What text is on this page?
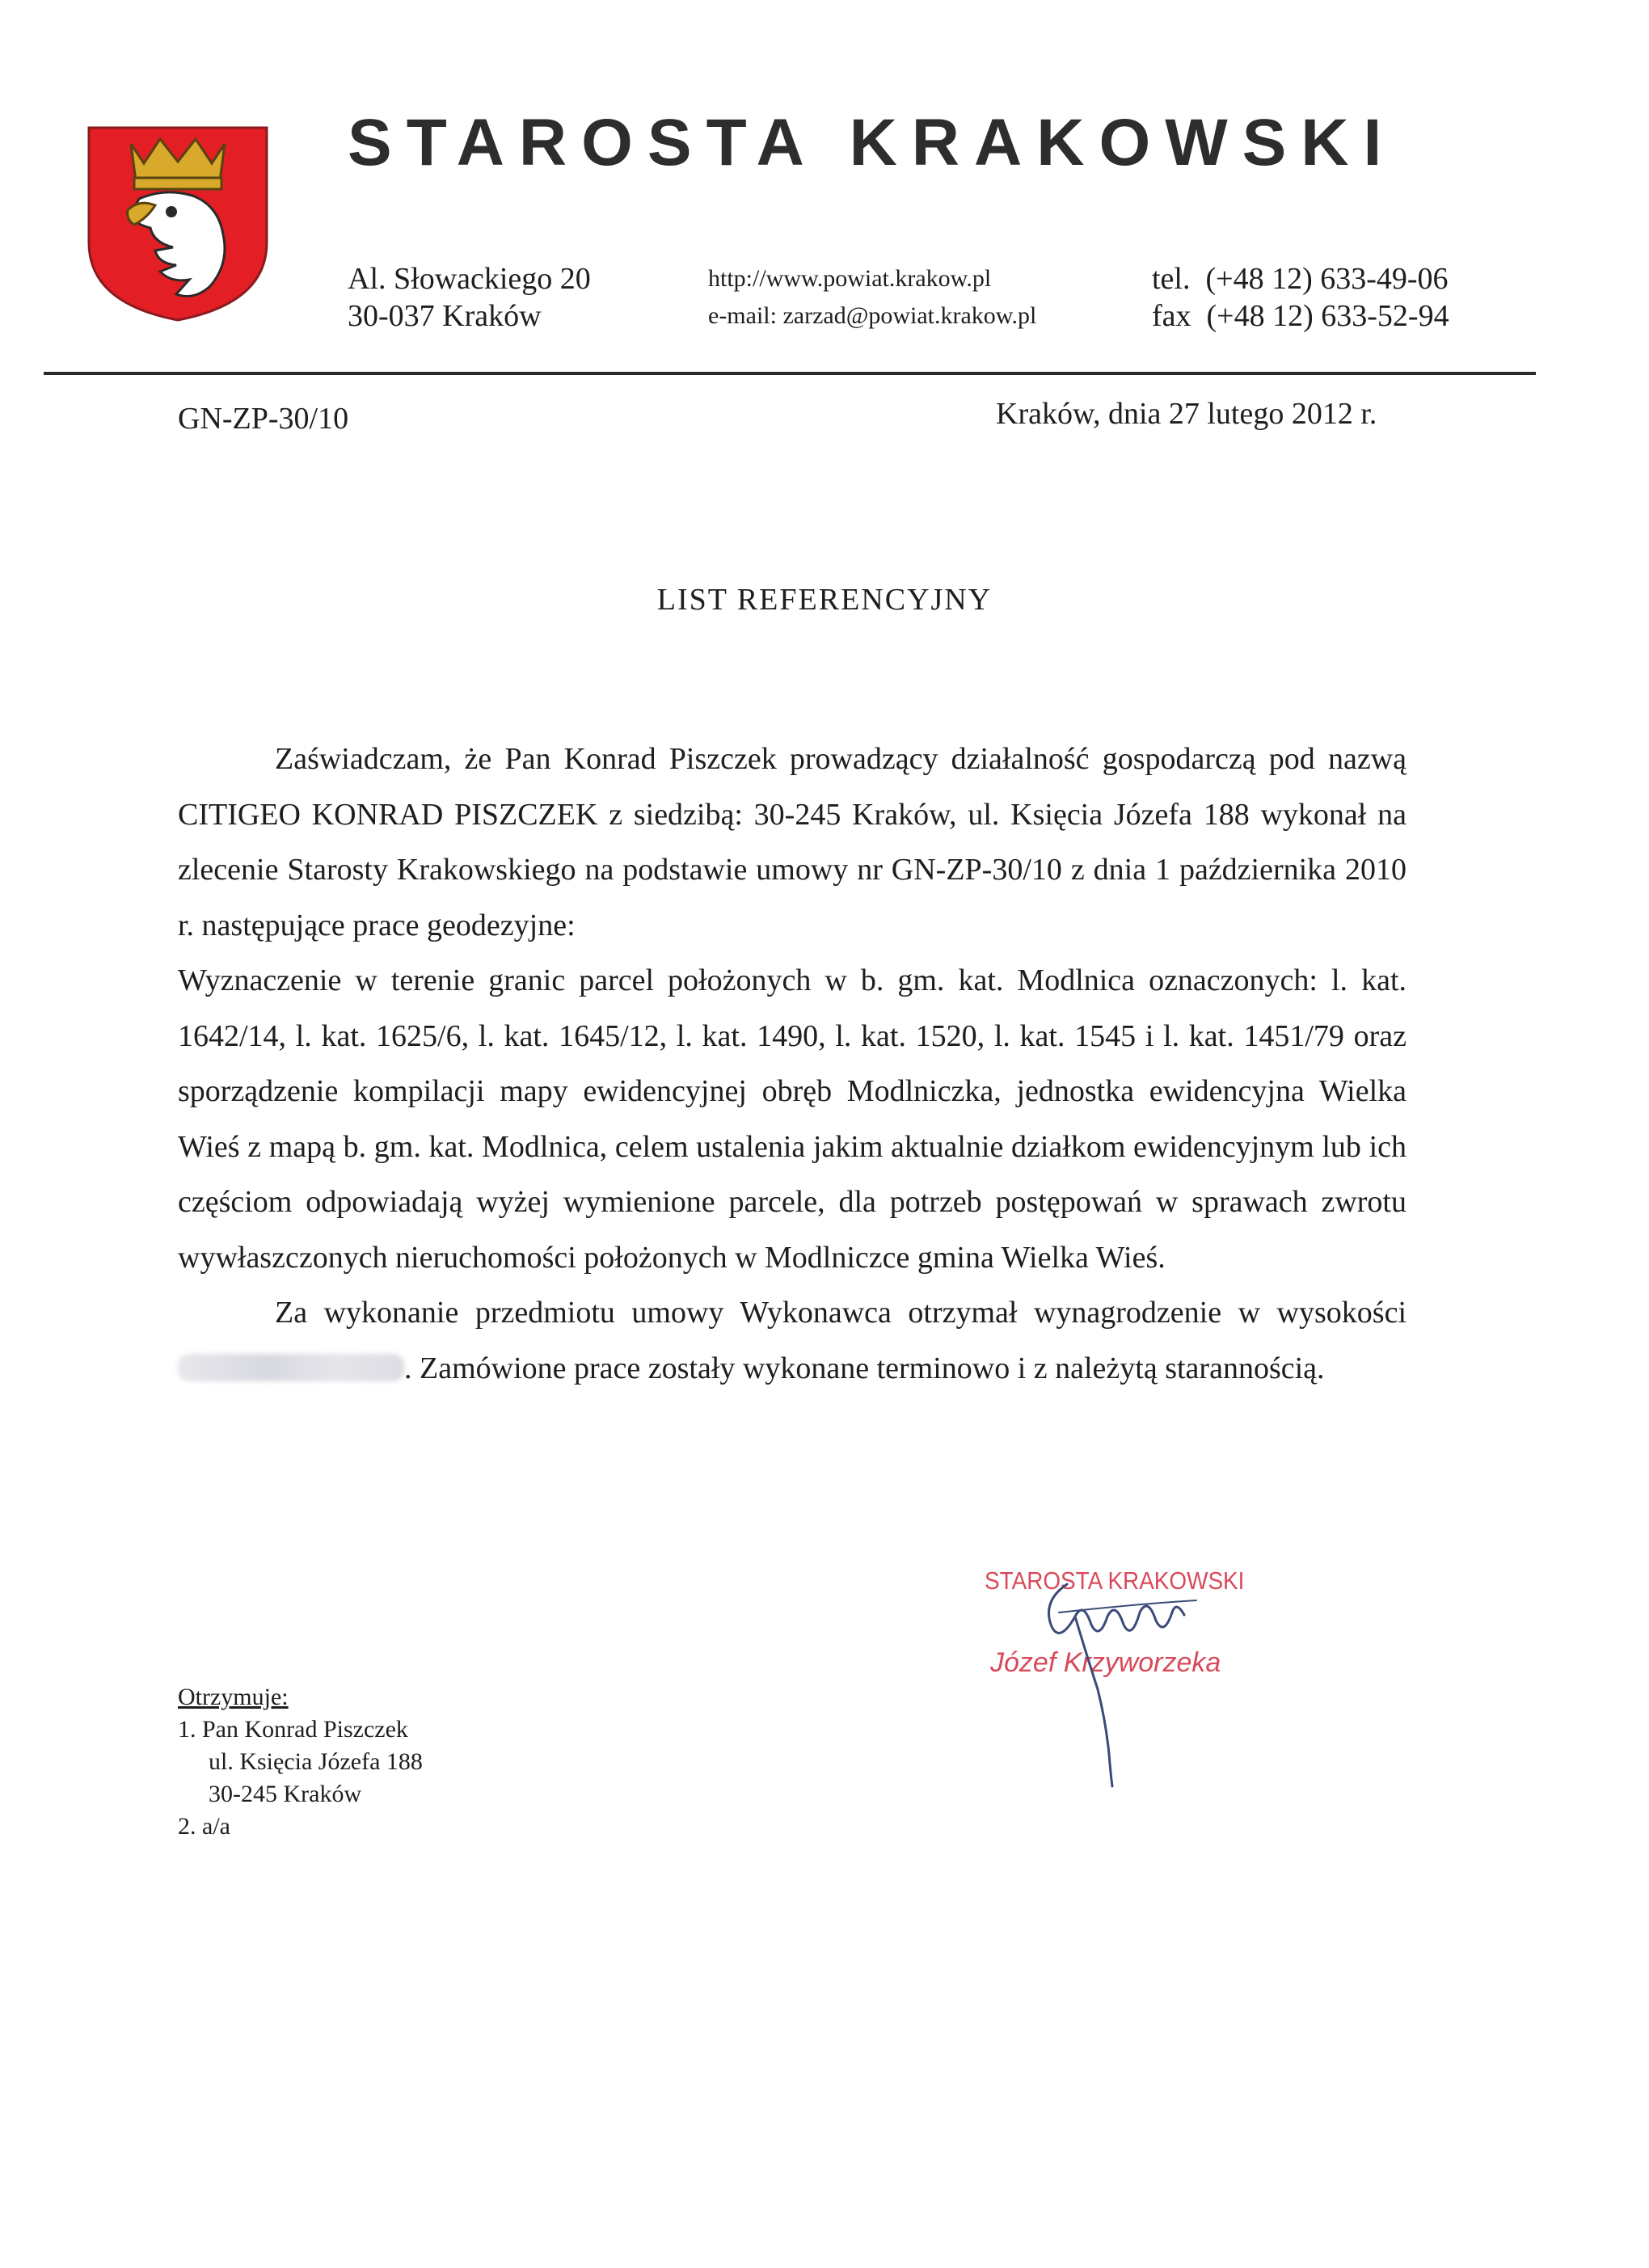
STAROSTA KRAKOWSKI
Al. Słowackiego 20
30-037 Kraków
http://www.powiat.krakow.pl
e-mail: zarzad@powiat.krakow.pl
tel.  (+48 12) 633-49-06
fax  (+48 12) 633-52-94
GN-ZP-30/10	Kraków, dnia 27 lutego 2012 r.
LIST REFERENCYJNY

Zaświadczam, że Pan Konrad Piszczek prowadzący działalność gospodarczą pod nazwą CITIGEO KONRAD PISZCZEK z siedzibą: 30-245 Kraków, ul. Księcia Józefa 188 wykonał na zlecenie Starosty Krakowskiego na podstawie umowy nr GN-ZP-30/10 z dnia 1 października 2010 r. następujące prace geodezyjne:

Wyznaczenie w terenie granic parcel położonych w b. gm. kat. Modlnica oznaczonych: l. kat. 1642/14, l. kat. 1625/6, l. kat. 1645/12, l. kat. 1490, l. kat. 1520, l. kat. 1545 i l. kat. 1451/79 oraz sporządzenie kompilacji mapy ewidencyjnej obręb Modlniczka, jednostka ewidencyjna Wielka Wieś z mapą b. gm. kat. Modlnica, celem ustalenia jakim aktualnie działkom ewidencyjnym lub ich częściom odpowiadają wyżej wymienione parcele, dla potrzeb postępowań w sprawach zwrotu wywłaszczonych nieruchomości położonych w Modlniczce gmina Wielka Wieś.

Za wykonanie przedmiotu umowy Wykonawca otrzymał wynagrodzenie w wysokości . Zamówione prace zostały wykonane terminowo i z należytą starannością.

STAROSTA KRAKOWSKI
Józef Krzyworzeka
Otrzymuje:
1. Pan Konrad Piszczek
ul. Księcia Józefa 188
30-245 Kraków
2. a/a
